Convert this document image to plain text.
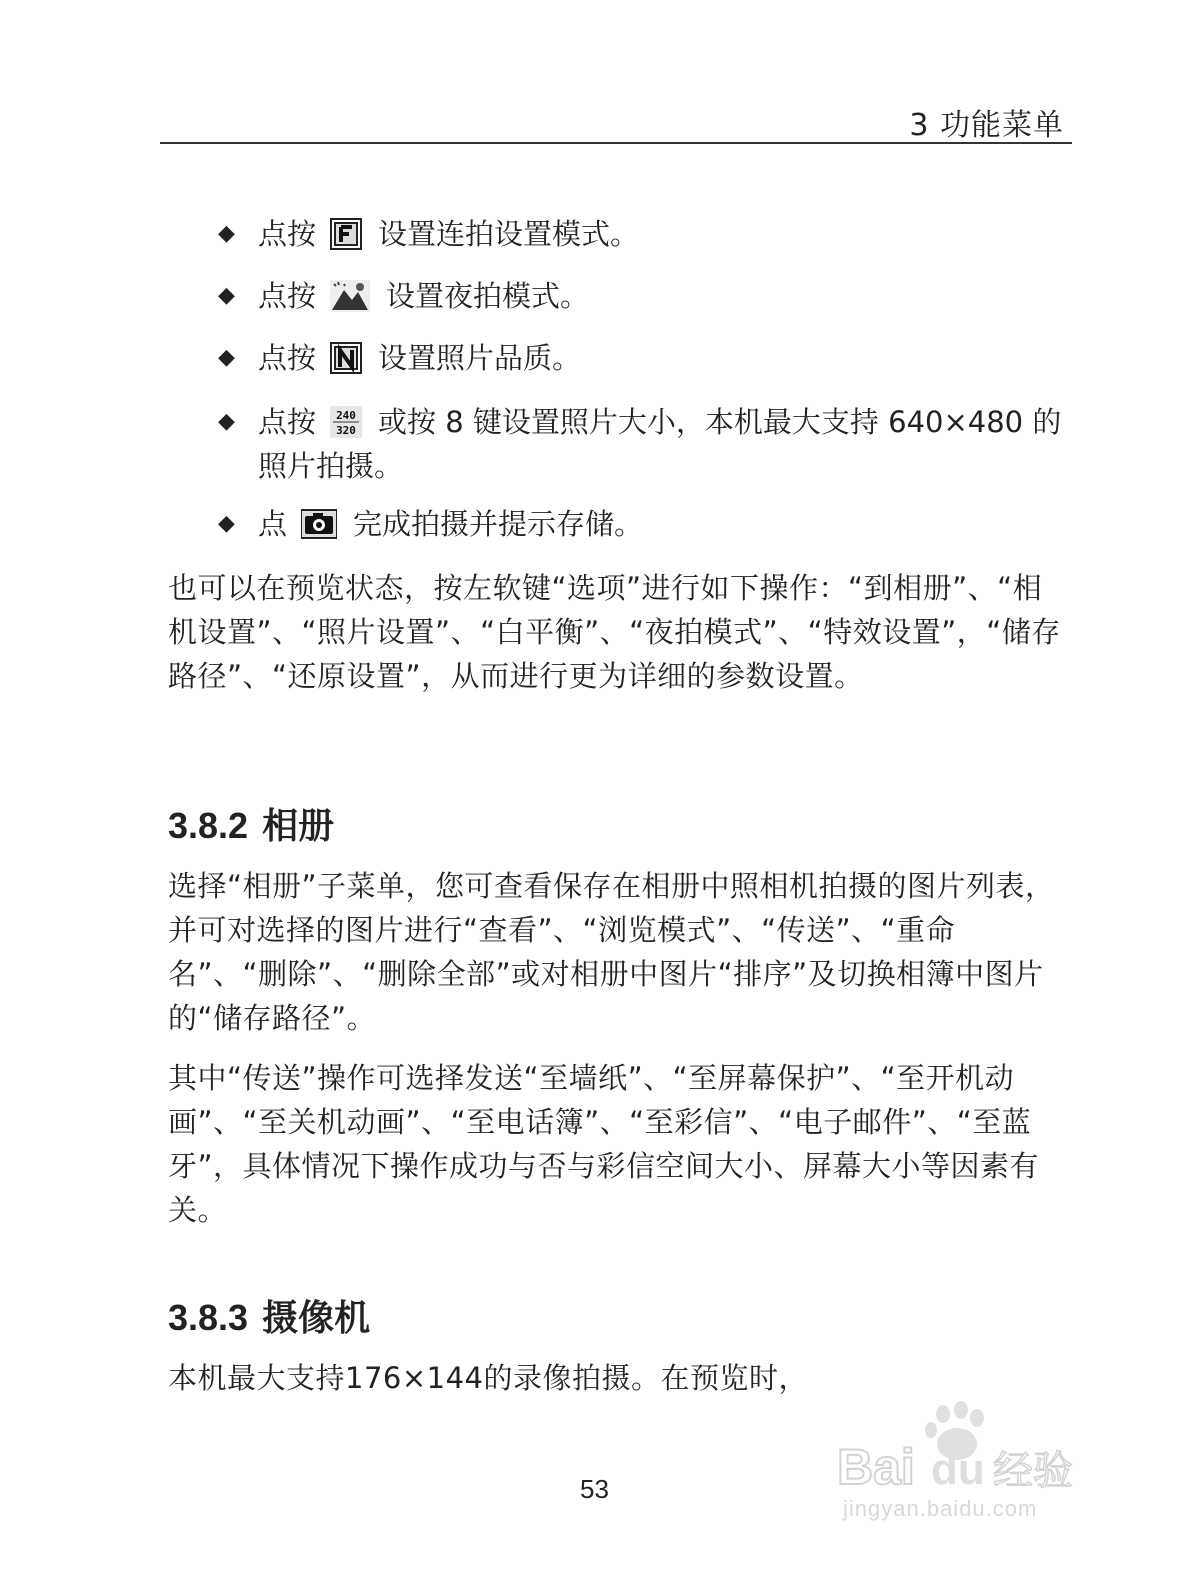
3 功能菜单
◆ 点按 设置连拍设置模式。
◆ 点按 设置夜拍模式。
◆ 点按 设置照片品质。
◆ 点按 240
320 或按 8 键设置照片大小，本机最大支持 640×480 的照片拍摄。
◆ 点 完成拍摄并提示存储。
也可以在预览状态，按左软键“选项”进行如下操作：“到相册”、“相机设置”、“照片设置”、“白平衡”、“夜拍模式”、“特效设置”，“储存路径”、“还原设置”，从而进行更为详细的参数设置。
3.8.2 相册
选择“相册”子菜单，您可查看保存在相册中照相机拍摄的图片列表，并可对选择的图片进行“查看”、“浏览模式”、“传送”、“重命名”、“删除”、“删除全部”或对相册中图片“排序”及切换相簿中图片的“储存路径”。
其中“传送”操作可选择发送“至墙纸”、“至屏幕保护”、“至开机动画”、“至关机动画”、“至电话簿”、“至彩信”、“电子邮件”、“至蓝牙”，具体情况下操作成功与否与彩信空间大小、屏幕大小等因素有关。
3.8.3 摄像机
本机最大支持176×144的录像拍摄。在预览时，
53	Bai du 经验
jingyan.baidu.com
